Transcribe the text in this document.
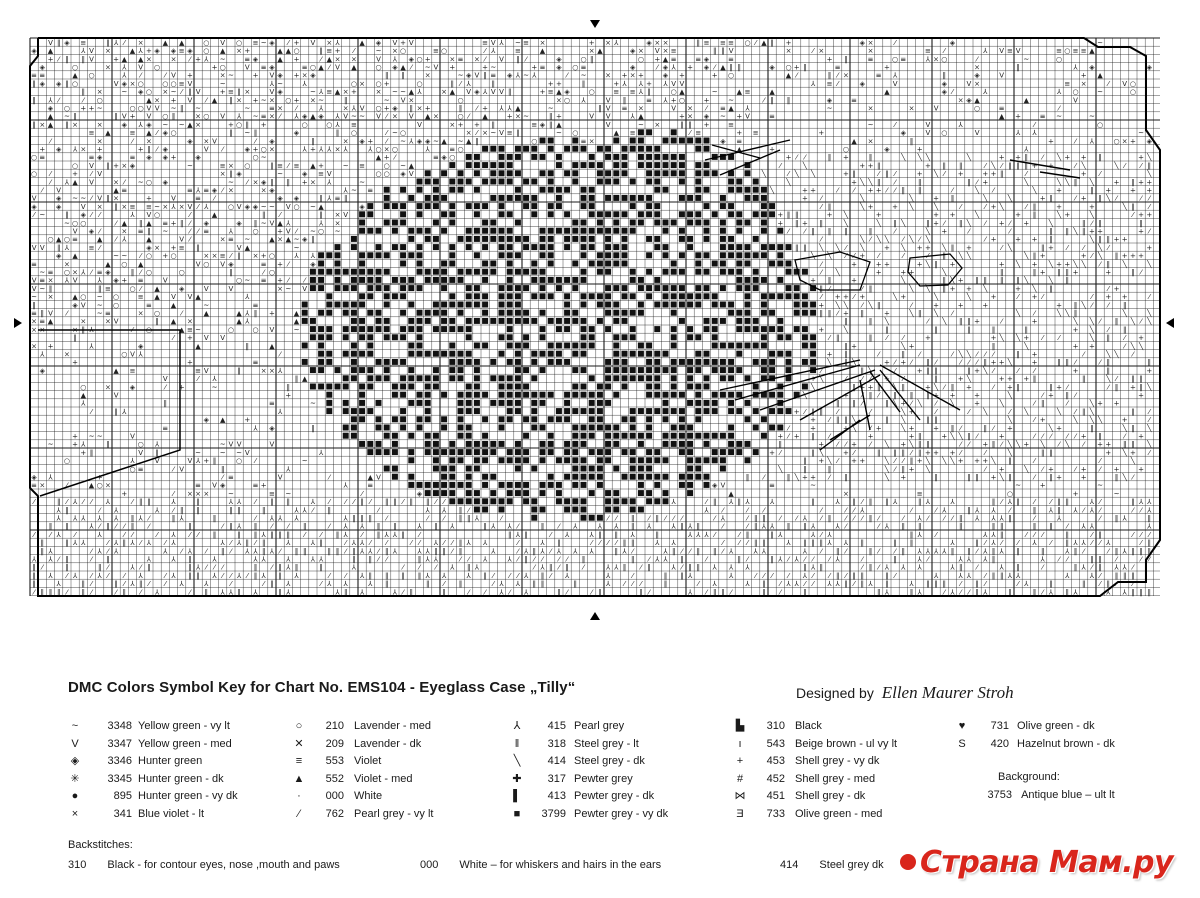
V ‖ ◈ ≡	‖ ⅄ ⁄ ×	▲ ▲	○ V ○ ≡ ~ ◈ ⁄ + V × ⅄	▲ ◈ V + V	≡ V ⅄ ~ ≡ ×	+ × ⅄	◈ × ×	‖ ≡ ≡ ≡ ○ ⁄ ▲ ‖ +	◈ ×	⁄	◈	~
◈ ▲	⅄ V ×	▲ ⅄ + ◈ ◈ ≡ ◈ ○ ▲ × +	▲ ▲ ○	‖ ≡ + ⁄	~ × ○	≡ ○	⁄ ⅄	≡	▲	× ▲	◈ × V × ≡	‖ ‖ V	×	⁄ ×	×	≡ ⁄	⅄ V ≡ V	≡ ○ ≡ ≡ ▲
+ ⁄ ‖ ‖ V	+ ▲ ▲ ×	× ⁄ + ⅄ ~	≡ ◈	▲ +	⁄ ▲ × ×	V ⅄ ◈ ○ +	× ≡ × ⁄ V ‖ ⁄	◈	○ ‖	○ + ▲ ≡	≡ ◈	≡	+ ‖	≡	○ ≡	⅄ × ○	⁄	~	○
◈	○	× ⅄ V ○	+ ○	V ≡ ◈	≡ ○ ▲ ⁄ V ▲	○ ◈ ▲ ⁄ ~ V +	+ ~	+ ≡ ◈ ○ ≡	◈	⁄ ◈ ⅄ + ◈ ⁄ ▲ ‖ ‖	◈ ○ + ‖	≡	+	×	‖	⅄ ◈	◈
≡ ≡	▲ ○	⅄ ⁄	⁄ V +	× ~	+ V ◈ + × ◈	‖ ‖	×	~ ◈ V ‖ ≡ ◈ ⅄ ~ ⅄	⁄ ~	× + × +	◈ +	+ ○	▲ ⁄	‖ ⁄ ×	≡ ⅄	‖	◈	V	+ ▲
‖ ◈ ◈ ‖ ○	V ◈ × ○	○ ○ ≡ V	~	⅄ ~	⅄	○ × ○ +	○	‖ ⁄ ⅄	‖	+ +	‖	+ ⅄ ⅄ + ⅄ V V	⅄ ≡ ⁄	◈	V	◈	V ×	≡ ×	⁄ V ○
‖ ×	~ ◈ ○ × ~ ⁄ ‖ V	+ ≡ ‖ ×	V ◈	~ ⅄ ≡ ▲ × +	× ~ ~ ▲ ⅄	× ▲ V ◈ ⅄ V V ‖	+ ≡ ▲ ◈	○	≡ ≡ ⅄ ‖	○ ▲	~	▲ ≡	▲	▲	◈ ⁄	⅄	⅄ ○	~	○
‖ ⅄ ⁄	⁄ ○	▲ × + V ⁄ ▲ ‖ × + ~ × ○ + × ~	‖	~ V ×	○	× ○ ⅄	V ‖	≡ ⅄ + ○	+	~	⁄ ‖ ‖	◈	≡	× ◈ ▲	▲	V
◈ ○ + + ~	○ ○ V V ~ ‖ ~	~	≡ × ⁄	⅄	× ⅄ V ○ + ◈ ‖ × +	‖ ⁄ + ⅄ ⅄ ▲	~	‖ V ≡ ×	V × ⁄ ≡ ▲ ⅄	~	×	×	V	○	≡	⁄
▲ ~ ‖	‖ V + V ○ ‖	× ○ V ⅄ ~ ≡ × ⁄ ⅄ ◈ ▲ ◈ ⅄ V ~ ~ V ⁄ × V ▲ ×	○ ⁄ ▲	+ × ~	‖ +	V V	⅄ ▲	+ × ◈ ~ + V	≡	▲ +	≡ ~	~
‖ × ▲ ‖ ×	×	◈ ⅄ ◈ ~ ~ ▲ ×	+ ○ ‖ +	○	○ ⅄ ≡	V	× + + ‖	≡ ◈ ‖ ▲	V	~ ×	‖ ‖ +	≡	~	⁄	V	⅄	⁄	○
≡ ▲	≡ ▲ ⁄ ◈ ○	‖ ~ ‖	◈	‖ ○	⁄ ~ ○	× ⁄ × ~ V ≡ ‖	~ ○	▲ ≡	⁄ ≡	+ ≡	+	◈	V ○	V	⅄ ⅄	~
⁄	×	⁄ ×	◈ × V	⁄ ◈	‖	× ◈ + ⁄ ~ ⅄ ◈ ◈ ~ ▲ ~ ▲ ‖	○	≡ ×	◈ ≡	▲ ×	‖	+	⁄ ⅄	○ × + ◈
+ ◈ ⅄ × +	+ ‖ ⁄ ◈	V ⁄	◈ + ○ ×	⅄ + ⅄ ⅄ × ⅄	⅄ ○ × ○	⅄	≡ ○	▲	+	○	◈	+	⅄
○ ≡	≡ ◈	≡ ◈ ◈ +	◈	○ ~	▲ + ⁄	≡ ◈ ○	+ ⁄ ⁄	‖ +	‖	╲ ╲ ╲	╲	+ + ‖ ⁄ ╲ + + ‖	+ ╲
○ V ‖ + × ◈	~	≡ × ○	‖ ≡ ⁄ ≡ ▲ +	~ ≡	○ ~ ▲	⁄	╲	+ + ‖	+ ‖ ‖	⁄ ╲ ⁄ ‖ ‖ ‖ + +	⁄ ╲	╲ ⁄ ⁄ ‖
○ ⁄	+ ⁄ V	× ‖ ◈	~	◈ ≡ V	○ ○ ◈ V	╲	⁄ ╲ ╲	+ ‖	⁄ ‖ ⁄	+ ╲ ⁄ +	+ + ‖	⁄	+ ⁄	╲
⁄ ⅄ ▲ V	× ⁄ ~ ○ ◈	~ ⁄ × ◈ ‖ ‖ + × ⅄	~	╲	+ ╲ ╲ ‖ ⁄	‖	‖ ⁄ +	╲	╲ ╲ ‖ ╲	+ ‖ + +
⁄ V	▲ ≡	≡ ⅄ ≡ ◈ ⁄ ×	× ◈	⅄ ~ ≡	╲	+ +	⁄ ⁄ + + ⁄ ⁄ ‖ ‖	⁄	╲ ⁄	╲	+	‖ +	+ +
V	◈ ~ ~ ⁄ V ‖ ×	+	V	≡ ⁄	◈ ◈	‖ ⅄ ≡ ‖	+ ⁄	╲	╲	+ ‖	╲	╲	+ ‖	⁄ + ‖ ╲ ⁄	⁄ ⁄
◈	◈	V × ‖ × ≡ ≡ ~ × ⅄ × V ⁄ ⅄	○ V ◈ ◈ ~ ~ V ○ ~ ▲	◈	⁄ ‖	╲ +	+ ╲	╲	⁄	⁄ + ╲	⁄ ‖	+	+	╲ ‖ ⁄
⁄ ~	‖ ◈ ⁄ ⁄	⅄ V ○	⁄	▲	‖ ⁄	‖ × V	+ ‖ ‖	+ ╲	+	+ +	╲	+ ‖	╲ +	╲	⁄ + +
~ ○ ○	⁄ ▲ ‖ ▲ ≡ + ‖ ⁄ ◈	◈ ‖ ~ V ▲ ⅄	⅄ ×	+ ‖ + ‖	╲	╲ ‖ ╲	‖ + ⁄ ‖ ╲ ⁄ + ⁄ +	╲	‖ ⁄ ‖	‖
V ◈ ⁄	× ≡ ‖ ~	⁄ ⁄ ≡	⅄	○	+ V ⁄ ~ ○ ~	⁄ ⁄ ‖ ‖ ‖	‖	⁄	╲ +	⁄	⁄	‖ ‖ ╲ ‖ + +	+ ⁄
○ ▲ ○ ≡	▲ ⁄ ⅄	▲	V ⁄	× ≡ ~	▲ × ▲ ~ ◈ ‖	⁄	╲ ⁄ ╲ ╲ ⁄ ╲ ⁄ ╲	⁄ +	+ + ‖	╲ ‖ ‖ + +
V V ‖ ⅄	≡ ⁄	◈ × + ≡ ‖	V ▲	~	‖ ‖ ╲ ╲ ⁄ ╲	+ ╲ + + ╲ ‖ +	⁄ ╲	‖ + ⁄ ⁄ ╲ ⁄	+
◈ ▲	~ ~ ⁄ ○ + ○	× × ≡ ⁄ ‖ × + ○	⅄ ⅄	╲ ╲ ⁄ ⁄ + ⁄	⁄	⁄ ‖ ╲ ╲	╲ ‖ +	+ ⁄ ╲ ‖ + + +
≡	×	▲ ○ ▲	V ○ V ◈	≡ + ⁄	◈	⁄	+	+ +	+ ╲ ‖ +	+ ╲ + ╲ + + ╲ ╲ ⁄ ‖ ╲	╲
~ ≡ ○ × ⅄ ⁄ ≡ ◈	‖ ⁄ ○	○	‖	⁄ ○	⁄ ╲	+	+ +	╲	‖	‖ + ‖ ‖ +	+	‖ ⁄
V ≡ × ⅄ V	⅄ ◈ + ≡	V	○ ~ ≡ + ⁄ ⁄	+ ‖	+	╲	‖ ╲ + ‖ ‖ ‖ ‖ ╲	╲ ‖
V ~ ‖	‖ ≡	○ ⁄ ▲	◈	V	V	× ~ V	‖ ⁄	⁄ ‖	╲ ╲ ‖ + + ╲	+ ╲ ‖	⁄ +
~ ×	▲ ○ ~ ○	≡ ▲ V V ▲	⅄	⁄ + + ⁄ +	╲ +	╲	╲	+	⁄ + ⁄	⁄ + +	⁄
‖	◈ V ~ ○	≡	▲	~	≡	+ ╲ ╲ ⁄ ╲ ‖	⁄	+	+	+	+ ‖ ╲ ⁄ ⁄ ‖
≡ ‖ V ⁄	~ ≡	× ○	⁄	▲	▲ ⅄ ‖ +	▲	‖ ‖ ⁄ + ‖	+	╲ ‖ ╲ ⁄	╲ ⁄	╲ ╲ ‖	╲	╲
× ≡ ▲	×	× V	‖ ▲ ×	▲ ⅄	▲	‖	‖ ╲	⁄ ╲ ‖ ‖ +	⁄	+	╲ ╲ ⁄ ‖ ╲ ⁄ ╲
× ×	× ‖ ⅄	⁄ ○	▲ ≡ ~	○	○ V	~	+	╲	‖	‖	‖	‖	‖	+ ╲ ⁄ ‖
‖	⁄ + V V	⁄ ‖	‖ ⁄ ⁄	+	+ ╲ ╲ + ⁄ ⁄	╲ ‖ ⁄ +
× +	⅄	◈	▲	‖	▲	‖ +	╲ +	‖	╲	+ +	⁄ ╲ ╲
⅄	×	○ V ⅄	⁄	+ ‖	⁄	‖ ⁄	⁄ ╲ ╲ ⁄ ⁄ ⁄	‖ +	⁄	╲ ╲ ⁄
+	+	≡	╲ ‖ ╲	+ ⁄ + ⁄ ‖ ⁄	⁄ ⁄ ⁄ ‖ + + ╲	+	‖ ‖ ⁄	⁄ ‖	‖
◈	▲ ≡	≡ V	‖	× × ⅄	⁄	‖ ╲	⁄	+ ‖ ‖	‖ + ╲ ⁄	⁄ ⁄	+	‖	+
V	⁄ ⅄	‖ ▲	+ ╲	⁄ ⁄ ⁄ + ⁄	‖	+ ╲	+ + + ‖	‖	╲ ⁄ ‖ ‖
○	×	◈	⁄ +	~	‖	╲	‖ + + ‖ ╲ ‖	+ ╲ ⁄ ‖ +	⁄ + ‖	‖ + ⁄	⁄ ‖ + ‖ ╲
▲	V	+	╲	+ ⁄ ‖ ⁄ ‖ ‖ ‖ + +	+	╲	⁄ + ‖ ⁄	+
⅄	‖	≡	~	‖ ‖ ⁄	‖ ╲ + ⁄ ╲ ⁄ ╲	+	╲	⁄ ‖	⁄	╲ + +
⁄	‖ ⅄	⅄	+ ⁄ ‖ ‖ ⁄	⁄	╲ +	⁄	⁄ ╲	⁄ ╲	╲ ⁄ ‖ ╲	‖ ⁄
◈ ▲	+	+ ⁄ ‖ ‖ ╲	‖ ╲	‖ ‖	╲	⁄ +	╲ ╲ ╲	+	⁄
≡	⅄ ◈	‖	⁄	+	+ ╲ ⁄ +	╲ +	+ ‖ ⁄	‖ ⁄ +	╲ +	‖	╲ ‖ ╲
+ ~ ~	V	+ ⁄ + ‖ ⁄	+	+ ‖	+ ╲ ╲ ‖ ⁄	+	⁄ ⁄ ⁄ ⁄ ⁄ + ‖	⁄ +
~	+ ⅄	‖	○ ⅄	~ V V	V	‖	+ ⁄ ⁄ + ⁄ ╲ + ╲ ‖ ‖	⁄ ⁄ + ‖ ⁄ ╲ ╲ + ╲ ⁄ ╲ ⁄ + + ‖ ‖ ╲
+ ‖	V ‖	~	~ ~ V	⅄	+ ⁄	‖ ╲	+ ⁄	‖ ‖ ‖ ⁄ ‖ + + + ⁄	⁄	╲	‖ ‖	+ ╲ + ⁄
○	⅄	V	V ⅄ + ‖	○ ⁄	~	‖ + ╲ ⁄ + +	╲ ⁄ ⁄ ‖ + ╲ ╲ ╲ + + + ╲ ‖	⁄	⁄	╲
○ ≡	⁄ V	‖	⅄	╲	‖	‖	╲ ⁄ ‖ + ╲	⁄ +	╲ ⁄ +	⁄ + ⁄ +	+
◈ ⅄	+	⁄ ≡	V	⁄	▲ V	‖ ⁄	‖ ╲ + + ⁄ ‖	╲ +	‖	‖ ‖ + ╲ ‖	⁄ ‖ +	+	‖ ╲ ⁄
≡ ×	⁄	▲ ○ ×	≡ V ◈	≡ +	⅄	≡	◈ V	≡	~	~	+	~
+	⁄ × × ×	~	≡ ~	⁄	◈	▲	×	≡	○	+	~
⁄	‖ ⁄ ⅄ ⁄ ⁄ ⅄	⁄ ‖ ‖	⅄	‖	⅄ ⅄ ⁄ ‖ ‖	⅄ ⁄ ⁄ ⁄ ‖ ⁄ ‖ ‖ ⁄ ‖ ‖ ⁄ ⁄	⅄	⁄ ‖ ⅄ ‖ ⅄	⅄	‖	⅄ ‖ ⁄ ‖ ‖ ⅄	‖ ⅄	⅄	‖ ⁄ ⅄ ‖ ⁄ ⁄ ‖ ‖	⅄ ⁄	‖ ⅄ ⅄
⅄ ‖	⁄ ⅄	⅄ ⁄ ‖ ‖	‖ ‖	‖	⅄ ⅄ ⁄ ‖	⁄	⅄ ⅄ ‖ ⁄	⅄ ⁄	⁄ ⁄	⁄	⁄ ⁄ ⅄	⁄	⁄ ⅄	‖ ⅄ ⅄ ⁄	‖ ⅄ ‖ ⅄ ⁄ ⅄ ⁄	⁄ ⁄ ⅄
⅄ ⅄ ⅄ ⅄ ⅄ ‖ ⅄ ⁄	‖ ⅄	‖	⁄ ⅄ ⅄ ⅄	⅄ ‖ ‖ ‖ ⁄	⁄ ⁄ ‖ ‖ ⅄	⁄	⁄ ⁄ ‖ ⁄ ‖ ⁄ ⁄ ⁄	⁄ ⅄	⁄ ‖ ‖ ⁄ ⁄ ⅄ ⁄ ‖ ⁄ ⁄ ⁄ ‖ ⁄	⁄ ⅄ ⁄ ⁄ ⁄ ‖ ⅄ ⅄ ⅄ ‖	⁄	⅄	⁄ ‖ ⅄	‖
‖ ‖	⅄ ⁄ ‖ ⁄ ⁄ ‖ ⁄	‖	⁄ ‖ ⅄ ‖ ⁄ ⁄ ‖	⁄ ⅄ ⅄ ‖ ‖	⅄ ‖ ⅄	‖ ⅄ ⅄ ⁄	‖ ⁄ ⅄	⅄ ⅄ ‖ ⅄	⅄ ‖ ⅄ ‖	⁄	⁄ ‖ ⅄ ⅄ ‖ ‖ ⅄	⅄ ⁄	⁄ ⅄ ‖ ‖	‖	‖ ‖	‖ ‖ ⁄ ⅄ ⅄	⅄
⁄ ⁄ ⅄ ⁄	⅄	⁄ ⁄	⁄ ⅄ ⁄ ⁄ ‖	‖ ‖ ⅄ ‖ ‖ ‖ ⁄ ⁄ ‖ ⅄ ⁄ ‖ ⅄ ⅄ ‖ ⁄	‖ ⅄ ‖	⁄ ⅄	⅄ ‖ ‖ ⅄	‖	⅄ ⅄ ⅄ ⁄	⁄ ‖	‖ ⅄	⅄ ⁄ ⅄	‖ ⅄ ⁄	⅄ ⅄ ‖	⁄ ⁄ ⁄	‖	⁄ ‖	⁄ ⁄ ⁄
‖	‖ ⅄ ⅄	⁄ ⅄ ‖ ⅄ ⁄ ⅄ ⁄ ⅄	⅄ ⁄ ⅄ ‖ ⁄ ‖	⅄	⅄ ‖	⁄ ⅄ ⅄ ⁄ ⁄	⁄ ⁄ ⅄ ⁄ ⁄ ‖ ⅄ ⅄	⁄	⅄ ‖	⁄ ⁄ ⁄ ⁄ ‖ ‖	⅄ ⅄	⁄ ⁄ ⁄ ‖ ‖	⅄ ‖ ‖ ‖ ⅄ ⅄ ‖	‖ ‖	⅄	‖ ⁄ ⅄ ⁄ ⁄ ⅄ ⁄ ‖ ⅄ ⅄ ⁄ ⁄ ⅄	⁄ ‖
‖ ⅄	⁄ ⅄ ⁄ ⅄	⅄ ⁄ ⅄ ⁄ ‖ ⁄ ⅄ ⅄ ‖ ⅄ ⁄ ‖ ‖	‖ ‖ ⁄ ‖ ⅄ ⅄ ⁄ ‖ ⅄	⅄ ⅄ ‖ ‖ ⁄ ‖	⅄	⁄ ⅄ ‖ ⅄ ⁄ ⅄ ⅄ ⅄	‖ ⅄ ⁄	⅄ ‖ ⁄ ⁄ ‖ ‖ ⁄ ⅄	⅄ ⅄	⅄ ⁄ ‖ ⁄	‖ ⁄ ⁄ ‖ ⅄ ⅄ ⅄ ⅄ ‖ ‖ ⁄ ⅄ ‖ ⅄ ‖	‖	⅄ ‖ ⁄	⁄ ‖ ⅄ ‖ ‖ ‖
⅄ ⅄ ⁄ ‖	⁄ ‖	⅄	⅄ ‖	⅄	⅄ ⅄	⅄	⅄ ⅄	‖ ‖ ⁄ ⁄	‖ ⅄ ⅄	⁄ ⁄ ⅄	⅄ ⁄ ‖ ⁄ ⁄ ⁄ ⁄ ‖	‖ ⁄ ⅄ ⅄ ‖	⁄	‖ ⁄	‖ ⅄ ⁄ ⅄ ⁄ ⁄ ⁄ ⅄	⁄	‖	⅄ ⁄	⅄ ⅄ ⅄ ‖	⅄ ⁄ ⁄	‖ ‖ ⁄	⁄ ⁄
‖ ⁄	‖	‖ ⁄	⅄ ⁄ ‖	‖ ⅄ ⁄ ⁄ ⁄	‖ ⁄ ‖ ⅄ ‖	‖	⅄	⁄ ⁄ ⁄ ⅄ ‖ ⅄	⁄ ⅄ ‖ ⁄ ‖ ⁄	⅄ ⅄ ‖ ⁄ ‖	⅄ ⁄ ‖ ‖ ⅄ ⅄ ⅄	‖ ⅄ ‖	⁄ ‖ ⁄ ⅄ ⅄ ⅄	⅄ ‖ ⁄	⅄ ‖	⁄	‖ ⅄ ⁄ ‖ ⅄ ⅄ ⁄
‖ ⅄ ⁄ ⅄ ⁄ ⅄ ⁄ ⁄ ⅄	⁄ ⅄ ‖ ‖ ⅄ ⁄ ⁄ ⅄ ⁄ ‖ ⅄ ‖ ⅄	⁄ ⁄ ⅄ ‖ ‖ ‖ ‖ ⅄ ⅄	⅄ ‖ ⁄ ⁄ ⁄ ⅄ ‖ ⁄ ⅄	⅄	⁄	‖ ‖ ⅄	⅄	⁄ ⁄ ⁄ ⁄ ⅄ ⁄ ⁄ ‖ ⁄ ‖ ‖	‖ ⁄	⅄	⅄ ⅄ ⁄ ‖ ‖ ⅄ ⅄	⅄	⅄ ⁄ ‖ ‖ ‖
‖	⅄	‖ ⁄	‖ ⁄ ⅄ ‖ ⁄ ⁄ ⅄	⅄	⁄	⁄ ‖ ⅄	⁄ ⅄ ⅄	⅄ ‖	‖ ⁄ ‖	⁄ ⅄ ⅄ ‖ ‖	‖	⅄ ⁄ ⁄ ⁄	‖	⁄ ⅄	⅄ ‖ ⁄ ⅄ ⅄ ⁄ ⁄ ⅄ ⅄ ‖ ⁄ ‖ ⅄ ‖	⅄ ‖ ‖ ‖ ⁄ ‖ ⁄	⁄ ⅄	‖	‖ ⁄ ‖ ⁄ ⁄
⁄ ‖ ‖ ‖ ⁄ ‖ ⁄	⁄ ‖ ⁄ ⅄	⁄ ‖ ⅄ ⅄ ‖ ⅄	‖ ⅄	⅄ ‖ ⅄	⅄ ⁄ ‖	‖	⁄ ⁄ ⅄ ⁄ ⅄	‖ ⁄	⁄ ‖	‖ ⁄	⅄ ⁄ ‖ ‖ ⁄	‖ ⁄	‖	‖ ⅄	‖ ⅄	⁄ ⅄ ⁄ ⁄ ‖ ⅄	‖	‖ ⁄ ⅄ ‖ ⅄	⅄ ⅄ ‖ ‖ ‖
DMC Colors Symbol Key for Chart No. EMS104 - Eyeglass Case „Tilly“	Designed by Ellen Maurer Stroh
~	3348 Yellow green - vy lt
V	3347 Yellow green - med
◈	3346 Hunter green
✳	3345 Hunter green - dk
●	895 Hunter green - vy dk
×	341 Blue violet - lt
○	210 Lavender - med
✕	209 Lavender - dk
≡	553 Violet
▲	552 Violet - med
·	000 White
⁄	762 Pearl grey - vy lt
⅄	415 Pearl grey
‖	318 Steel grey - lt
╲	414 Steel grey - dk
✚	317 Pewter grey
▌	413 Pewter grey - dk
■	3799 Pewter grey - vy dk
▙	310 Black
ı	543 Beige brown - ul vy lt
+	453 Shell grey - vy dk
#	452 Shell grey - med
⋈	451 Shell grey - dk
Ǝ	733 Olive green - med
♥	731 Olive green - dk
S	420 Hazelnut brown - dk
Background:
3753 Antique blue – ult lt
Backstitches:
310 Black - for contour eyes, nose ,mouth and paws	000 White – for whiskers and hairs in the ears	414 Steel grey dk Страна Мам.ру
